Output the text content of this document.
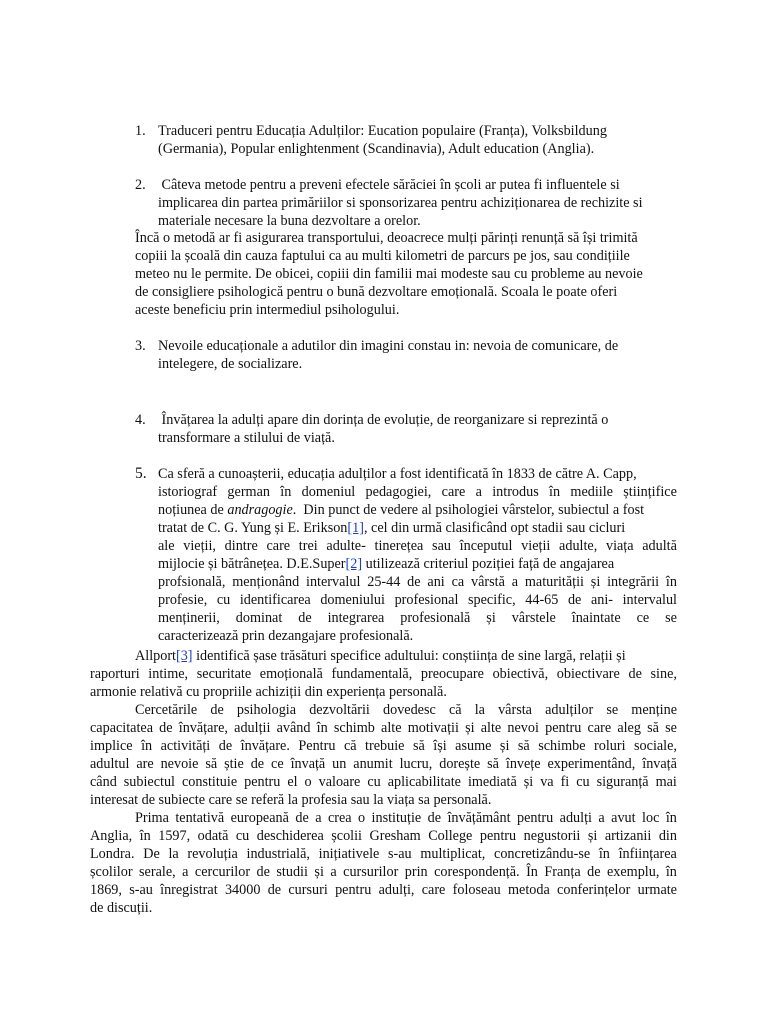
1. Traduceri pentru Educația Adulților: Eucation populaire (Franța), Volksbildung
(Germania), Popular enlightenment (Scandinavia), Adult education (Anglia).
2. Câteva metode pentru a preveni efectele sărăciei în școli ar putea fi influentele si
implicarea din partea primăriilor si sponsorizarea pentru achiziționarea de rechizite si
materiale necesare la buna dezvoltare a orelor.
Încă o metodă ar fi asigurarea transportului, deoacrece mulți părinți renunță să își trimită
copiii la școală din cauza faptului ca au multi kilometri de parcurs pe jos, sau condițiile
meteo nu le permite. De obicei, copiii din familii mai modeste sau cu probleme au nevoie
de consigliere psihologică pentru o bună dezvoltare emoțională. Scoala le poate oferi
aceste beneficiu prin intermediul psihologului.
3. Nevoile educaționale a adutilor din imagini constau in: nevoia de comunicare, de
intelegere, de socializare.
4. Învățarea la adulți apare din dorința de evoluție, de reorganizare si reprezintă o
transformare a stilului de viață.
5. Ca sferă a cunoașterii, educația adulților a fost identificată în 1833 de către A. Capp,
istoriograf german în domeniul pedagogiei, care a introdus în mediile științifice
noțiunea de andragogie.  Din punct de vedere al psihologiei vârstelor, subiectul a fost
tratat de C. G. Yung și E. Erikson[1], cel din urmă clasificând opt stadii sau cicluri
ale vieții, dintre care trei adulte- tinerețea sau începutul vieții adulte, viața adultă
mijlocie și bătrânețea. D.E.Super[2] utilizează criteriul poziției față de angajarea
profsională, menționând intervalul 25-44 de ani ca vârstă a maturității și integrării în
profesie, cu identificarea domeniului profesional specific, 44-65 de ani- intervalul
menținerii, dominat de integrarea profesională și vârstele înaintate ce se
caracterizează prin dezangajare profesională.
Allport[3] identifică șase trăsături specifice adultului: conștiința de sine largă, relații și
raporturi intime, securitate emoțională fundamentală, preocupare obiectivă, obiectivare de sine,
armonie relativă cu propriile achiziții din experiența personală.
Cercetările de psihologia dezvoltării dovedesc că la vârsta adulților se menține
capacitatea de învățare, adulții având în schimb alte motivații și alte nevoi pentru care aleg să se
implice în activități de învățare. Pentru că trebuie să își asume și să schimbe roluri sociale,
adultul are nevoie să știe de ce învață un anumit lucru, dorește să învețe experimentând, învață
când subiectul constituie pentru el o valoare cu aplicabilitate imediată și va fi cu siguranță mai
interesat de subiecte care se referă la profesia sau la viața sa personală.
Prima tentativă europeană de a crea o instituție de învățământ pentru adulți a avut loc în
Anglia, în 1597, odată cu deschiderea școlii Gresham College pentru negustorii și artizanii din
Londra. De la revoluția industrială, inițiativele s-au multiplicat, concretizându-se în înființarea
școlilor serale, a cercurilor de studii și a cursurilor prin corespondență. În Franța de exemplu, în
1869, s-au înregistrat 34000 de cursuri pentru adulți, care foloseau metoda conferințelor urmate
de discuții.
